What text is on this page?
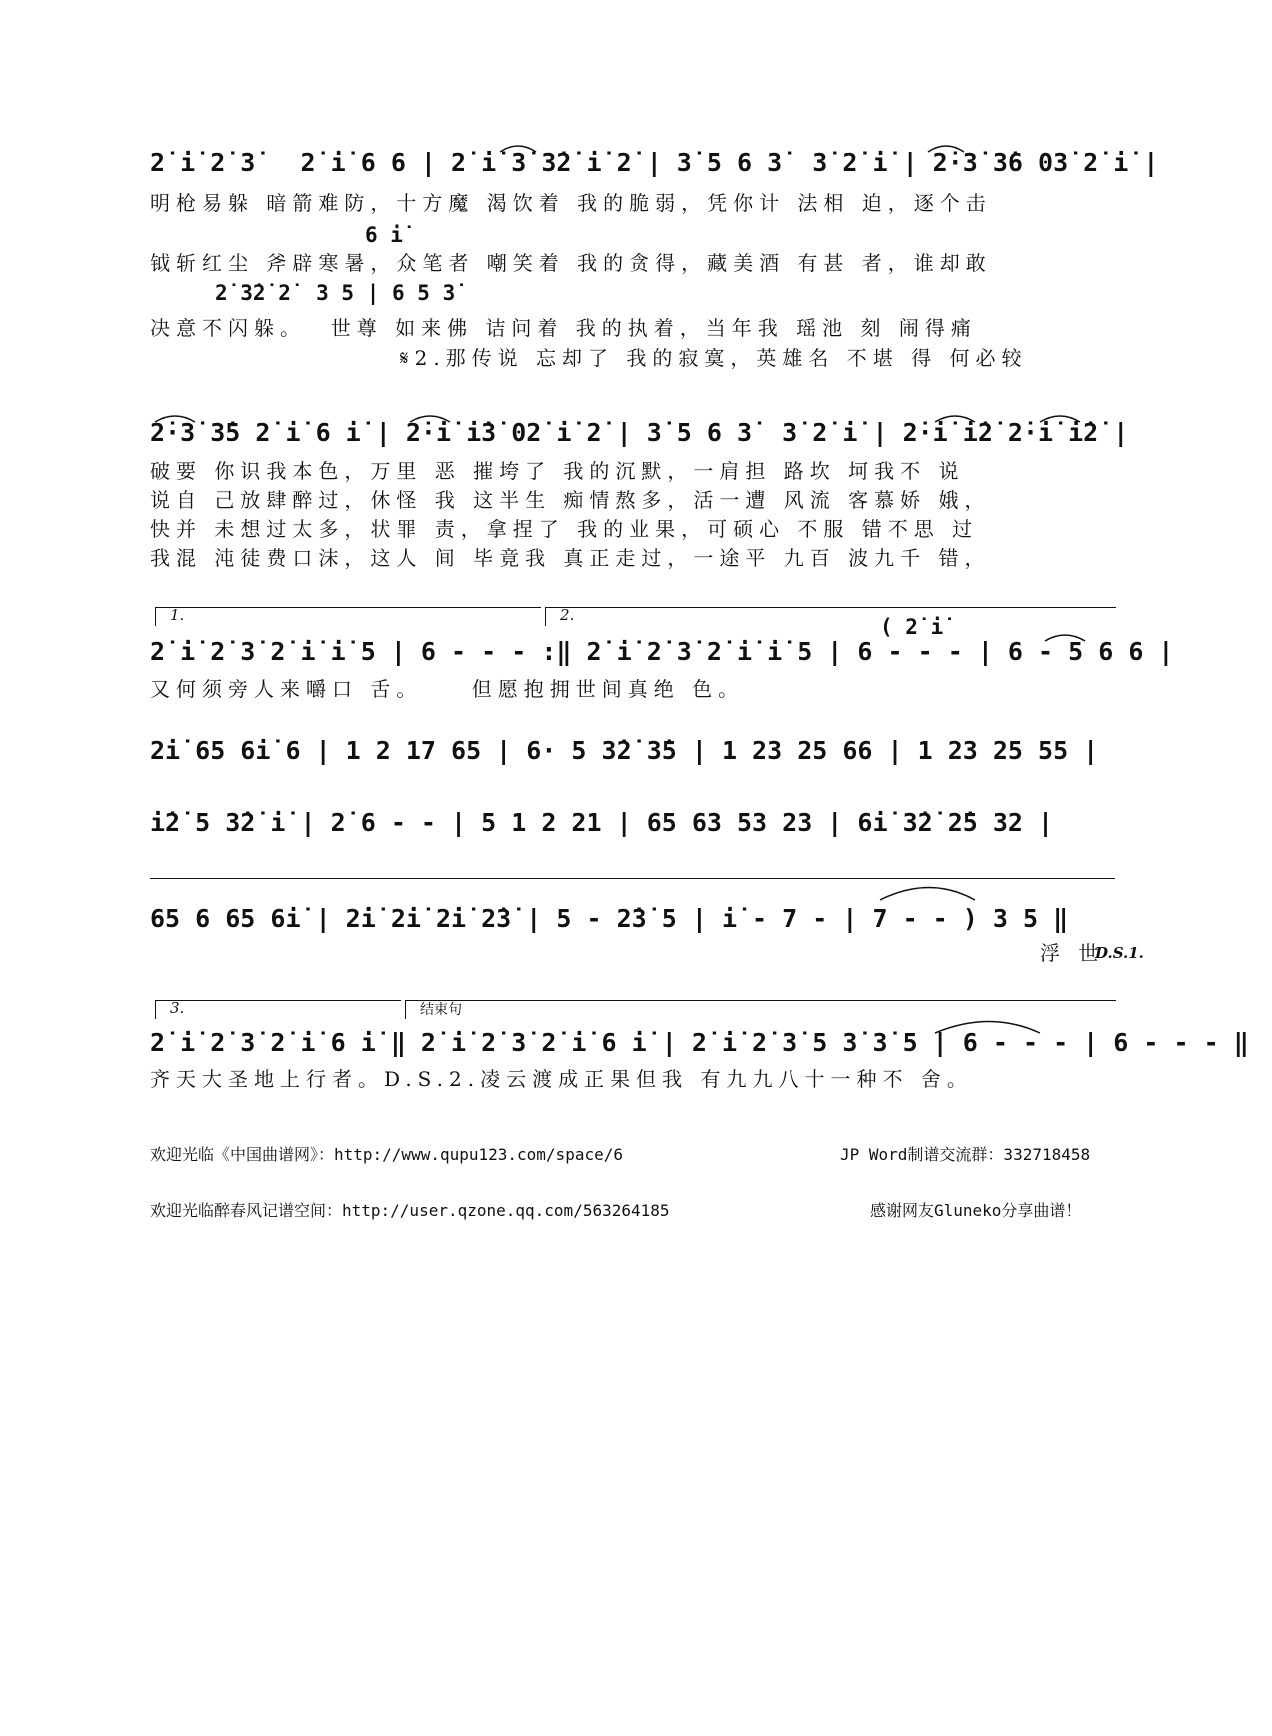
2̇ i̇ 2̇ 3̇   2̇ i̇ 6 6 | 2̇ i̇ 3̇ 3̇2̇ i̇ 2̇ | 3̇ 5 6 3̇  3̇ 2̇ i̇ | 2̇·3̇ 3̇6 03̇ 2̇ i̇ |
明枪易躲 暗箭难防，十方魔 渴饮着 我的脆弱，凭你计 法相 迫，逐个击
6 i̇
钺斩红尘 斧辟寒暑，众笔者 嘲笑着 我的贪得，藏美酒 有甚 者，谁却敢
2̇ 3̇2̇ 2̇  3 5 | 6 5 3̇
决意不闪躲。  世尊 如来佛 诘问着 我的执着，当年我 瑶池 刻 闹得痛
𝄋2.那传说 忘却了 我的寂寞，英雄名 不堪 得 何必较
2̇·3̇ 3̇5 2̇ i̇ 6 i̇ | 2̇·i̇ i̇3̇ 02̇ i̇ 2̇ | 3̇ 5 6 3̇  3̇ 2̇ i̇ | 2̇·i̇ i̇2̇ 2̇·i̇ i̇2̇ |
破要 你识我本色，万里 恶 摧垮了 我的沉默，一肩担 路坎 坷我不 说
说自 己放肆醉过，休怪 我 这半生 痴情熬多，活一遭 风流 客慕娇 娥，
快并 未想过太多，状罪 责，拿捏了 我的业果，可硕心 不服 错不思 过
我混 沌徒费口沫，这人 间 毕竟我 真正走过，一途平 九百 波九千 错，
1.	2.	( 2̇ i̇
2̇ i̇ 2̇ 3̇ 2̇ i̇ i̇ 5 | 6 - - - :‖ 2̇ i̇ 2̇ 3̇ 2̇ i̇ i̇ 5 | 6 - - - | 6 - 5 6 6 |
又何须旁人来嚼口 舌。    但愿抱拥世间真绝 色。
2̇i̇ 65 6i̇ 6 | 1 2 17 65 | 6· 5 3̇2̇ 3̇5 | 1 23 25 66 | 1 23 25 55 |
i̇2̇ 5 3̇2̇ i̇ | 2̇ 6 - - | 5 1 2 21 | 65 63 53 23 | 6i̇ 3̇2̇ 2̇5 32 |
65 6 65 6i̇ | 2̇i̇ 2̇i̇ 2̇i̇ 2̇3̇ | 5 - 2̇3̇ 5 | i̇ - 7 - | 7 - - ) 3 5 ‖
浮 世
D.S.1.
3.	结束句
2̇ i̇ 2̇ 3̇ 2̇ i̇ 6 i̇ ‖ 2̇ i̇ 2̇ 3̇ 2̇ i̇ 6 i̇ | 2̇ i̇ 2̇ 3̇ 5 3̇ 3̇ 5 | 6 - - - | 6 - - - ‖
齐天大圣地上行者。D.S.2.凌云渡成正果但我 有九九八十一种不 舍。
欢迎光临《中国曲谱网》：http://www.qupu123.com/space/6	JP Word制谱交流群：332718458
欢迎光临醉春风记谱空间：http://user.qzone.qq.com/563264185	感谢网友Gluneko分享曲谱！
